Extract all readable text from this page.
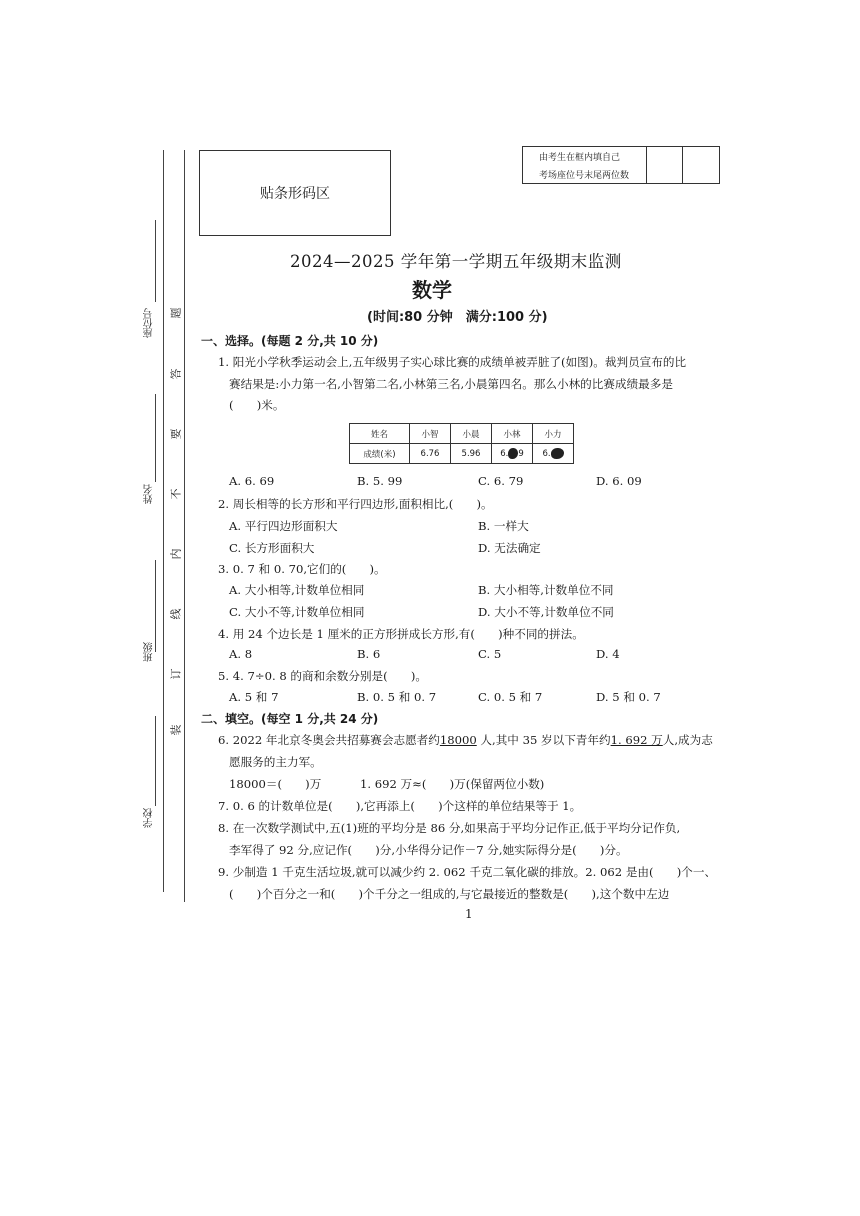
贴条形码区
由考生在框内填自己
考场座位号末尾两位数
座位号
姓名
班级
学校
题
答
要
不
内
线
订
装
2024—2025 学年第一学期五年级期末监测
数学
(时间:80 分钟　满分:100 分)
一、选择。(每题 2 分,共 10 分)
1. 阳光小学秋季运动会上,五年级男子实心球比赛的成绩单被弄脏了(如图)。裁判员宣布的比
赛结果是:小力第一名,小智第二名,小林第三名,小晨第四名。那么小林的比赛成绩最多是
(　　)米。
姓名	小智	小晨	小林	小力
成绩(米)	6.76	5.96	6. 9	6.
A. 6. 69	B. 5. 99	C. 6. 79	D. 6. 09
2. 周长相等的长方形和平行四边形,面积相比,(　　)。
A. 平行四边形面积大	B. 一样大
C. 长方形面积大	D. 无法确定
3. 0. 7 和 0. 70,它们的(　　)。
A. 大小相等,计数单位相同	B. 大小相等,计数单位不同
C. 大小不等,计数单位相同	D. 大小不等,计数单位不同
4. 用 24 个边长是 1 厘米的正方形拼成长方形,有(　　)种不同的拼法。
A. 8	B. 6	C. 5	D. 4
5. 4. 7÷0. 8 的商和余数分别是(　　)。
A. 5 和 7	B. 0. 5 和 0. 7	C. 0. 5 和 7	D. 5 和 0. 7
二、填空。(每空 1 分,共 24 分)
6. 2022 年北京冬奥会共招募赛会志愿者约18000 人,其中 35 岁以下青年约1. 692 万人,成为志
愿服务的主力军。
18000＝(　　)万	1. 692 万≈(　　)万(保留两位小数)
7. 0. 6 的计数单位是(　　),它再添上(　　)个这样的单位结果等于 1。
8. 在一次数学测试中,五(1)班的平均分是 86 分,如果高于平均分记作正,低于平均分记作负,
李军得了 92 分,应记作(　　)分,小华得分记作－7 分,她实际得分是(　　)分。
9. 少制造 1 千克生活垃圾,就可以减少约 2. 062 千克二氧化碳的排放。2. 062 是由(　　)个一、
(　　)个百分之一和(　　)个千分之一组成的,与它最接近的整数是(　　),这个数中左边
1
